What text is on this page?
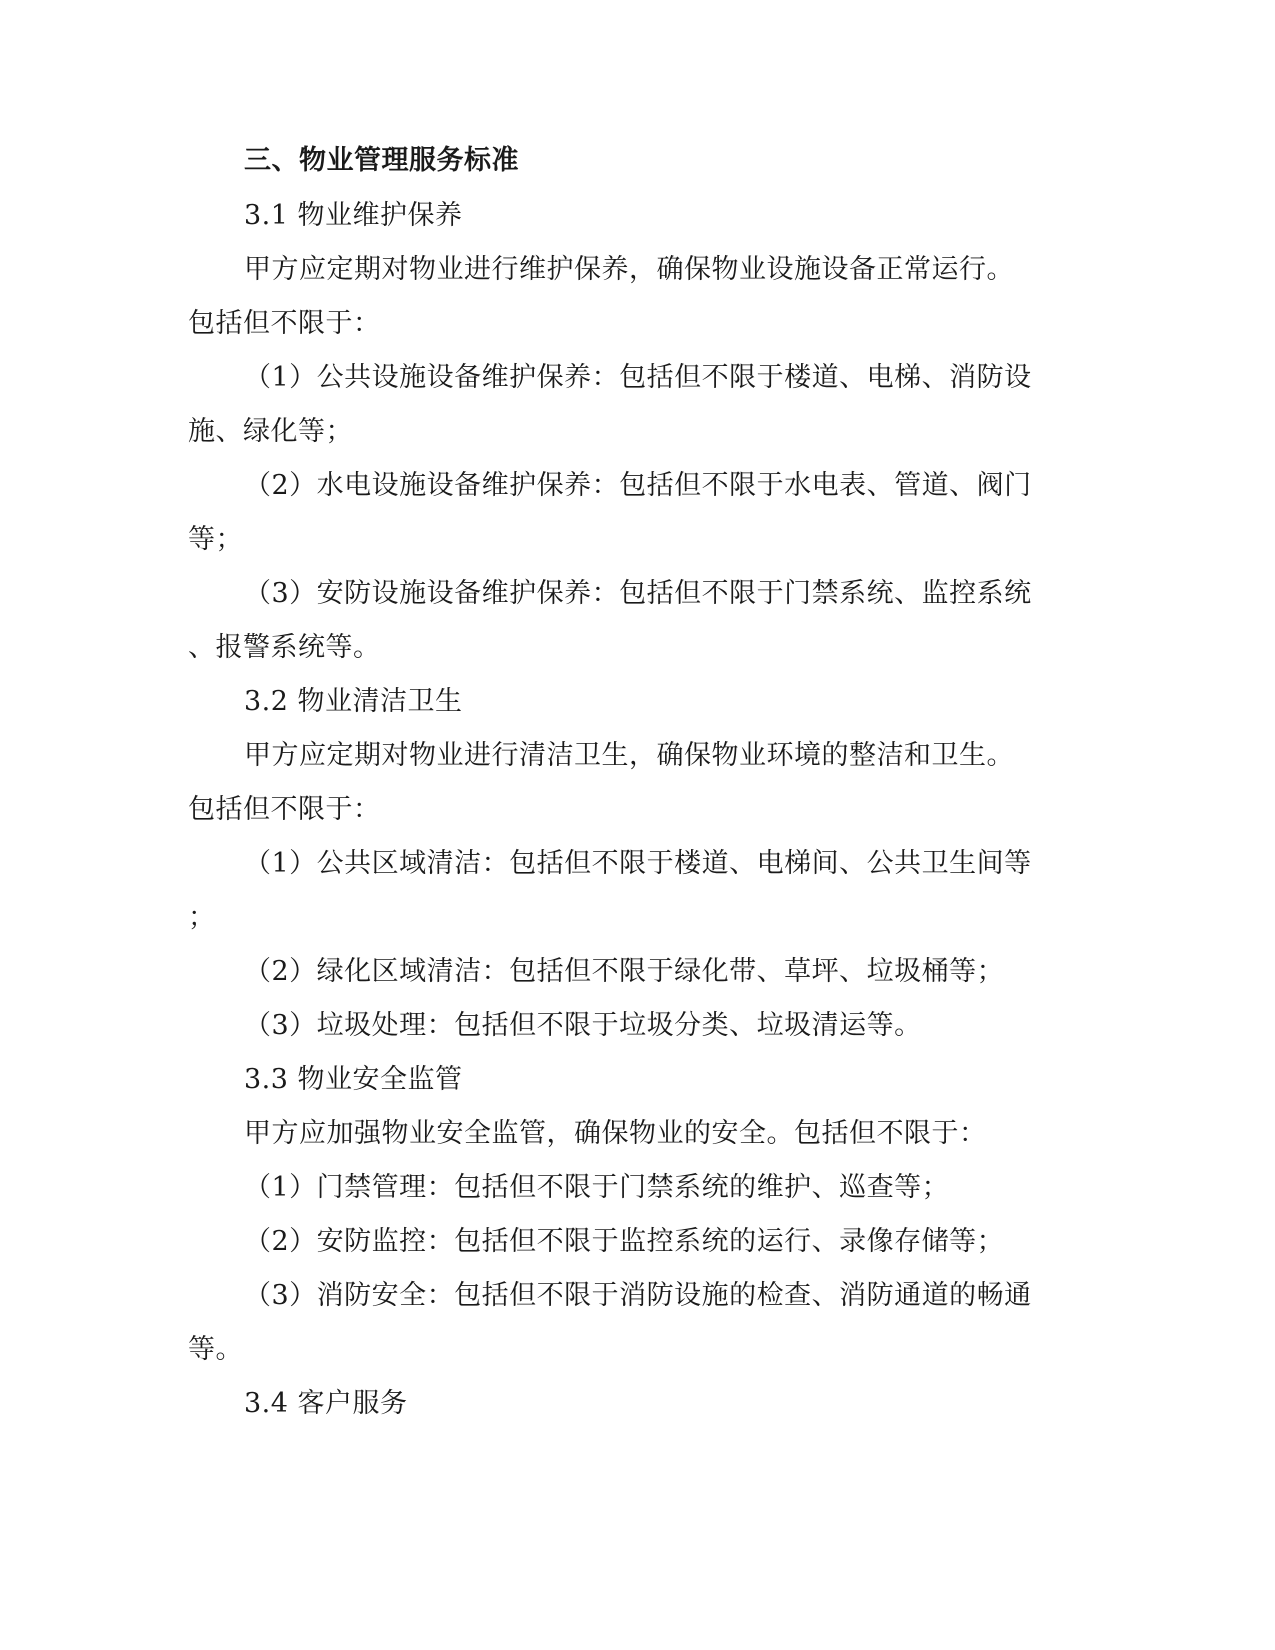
三、物业管理服务标准
3.1 物业维护保养
甲方应定期对物业进行维护保养，确保物业设施设备正常运行。
包括但不限于：
（1）公共设施设备维护保养：包括但不限于楼道、电梯、消防设
施、绿化等；
（2）水电设施设备维护保养：包括但不限于水电表、管道、阀门
等；
（3）安防设施设备维护保养：包括但不限于门禁系统、监控系统
、报警系统等。
3.2 物业清洁卫生
甲方应定期对物业进行清洁卫生，确保物业环境的整洁和卫生。
包括但不限于：
（1）公共区域清洁：包括但不限于楼道、电梯间、公共卫生间等
；
（2）绿化区域清洁：包括但不限于绿化带、草坪、垃圾桶等；
（3）垃圾处理：包括但不限于垃圾分类、垃圾清运等。
3.3 物业安全监管
甲方应加强物业安全监管，确保物业的安全。包括但不限于：
（1）门禁管理：包括但不限于门禁系统的维护、巡查等；
（2）安防监控：包括但不限于监控系统的运行、录像存储等；
（3）消防安全：包括但不限于消防设施的检查、消防通道的畅通
等。
3.4 客户服务
